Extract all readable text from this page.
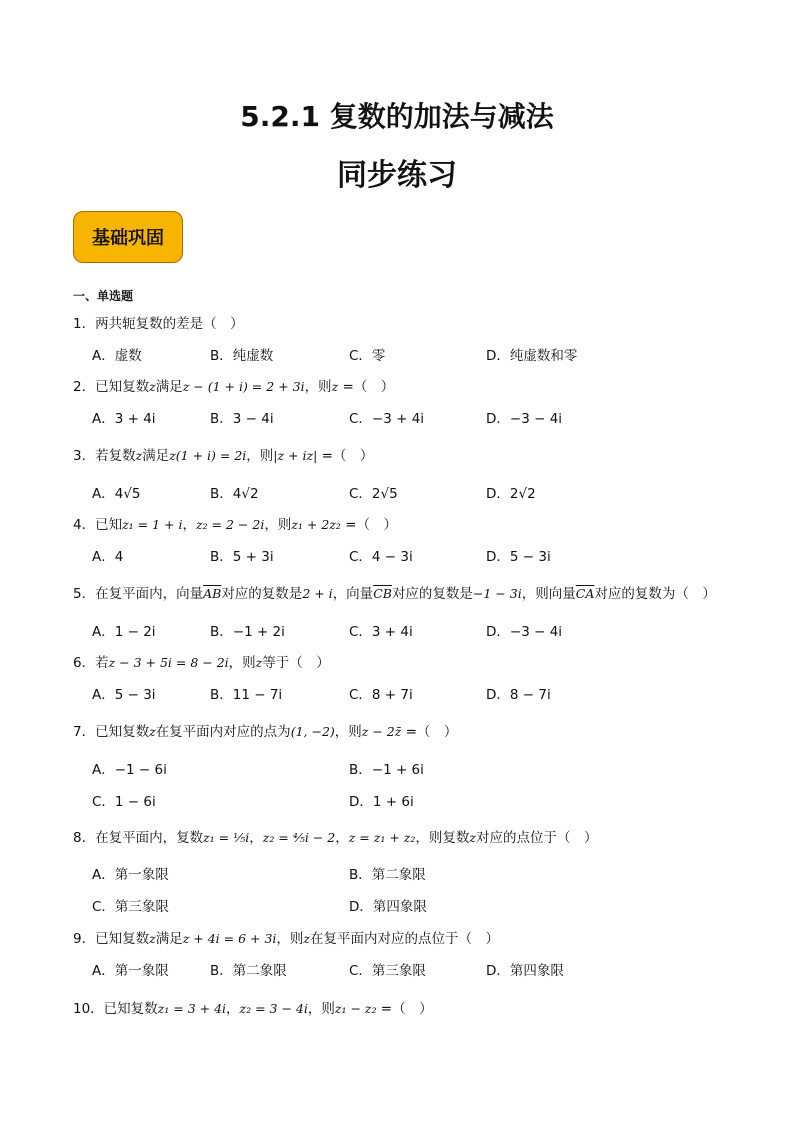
5.2.1 复数的加法与减法
同步练习
基础巩固
一、单选题
1．两共轭复数的差是（　）
A．虚数	B．纯虚数	C．零	D．纯虚数和零
2．已知复数z满足z − (1 + i) = 2 + 3i，则z =（　）
A．3 + 4i	B．3 − 4i	C．−3 + 4i	D．−3 − 4i
3．若复数z满足z(1 + i) = 2i，则|z + iz| =（　）
A．4√5	B．4√2	C．2√5	D．2√2
4．已知z₁ = 1 + i，z₂ = 2 − 2i，则z₁ + 2z₂ =（　）
A．4	B．5 + 3i	C．4 − 3i	D．5 − 3i
5．在复平面内，向量$\overline{AB}$对应的复数是2 + i，向量$\overline{CB}$对应的复数是−1 − 3i，则向量$\overline{CA}$对应的复数为（　）
A．1 − 2i	B．−1 + 2i	C．3 + 4i	D．−3 − 4i
6．若z − 3 + 5i = 8 − 2i，则z等于（　）
A．5 − 3i	B．11 − 7i	C．8 + 7i	D．8 − 7i
7．已知复数z在复平面内对应的点为(1, −2)，则z − 2z̄ =（　）
A．−1 − 6i	B．−1 + 6i
C．1 − 6i	D．1 + 6i
8．在复平面内，复数z₁ = ⅕i，z₂ = ⅘i − 2，z = z₁ + z₂，则复数z对应的点位于（　）
A．第一象限	B．第二象限
C．第三象限	D．第四象限
9．已知复数z满足z + 4i = 6 + 3i，则z在复平面内对应的点位于（　）
A．第一象限	B．第二象限	C．第三象限	D．第四象限
10．已知复数z₁ = 3 + 4i，z₂ = 3 − 4i，则z₁ − z₂ =（　）
